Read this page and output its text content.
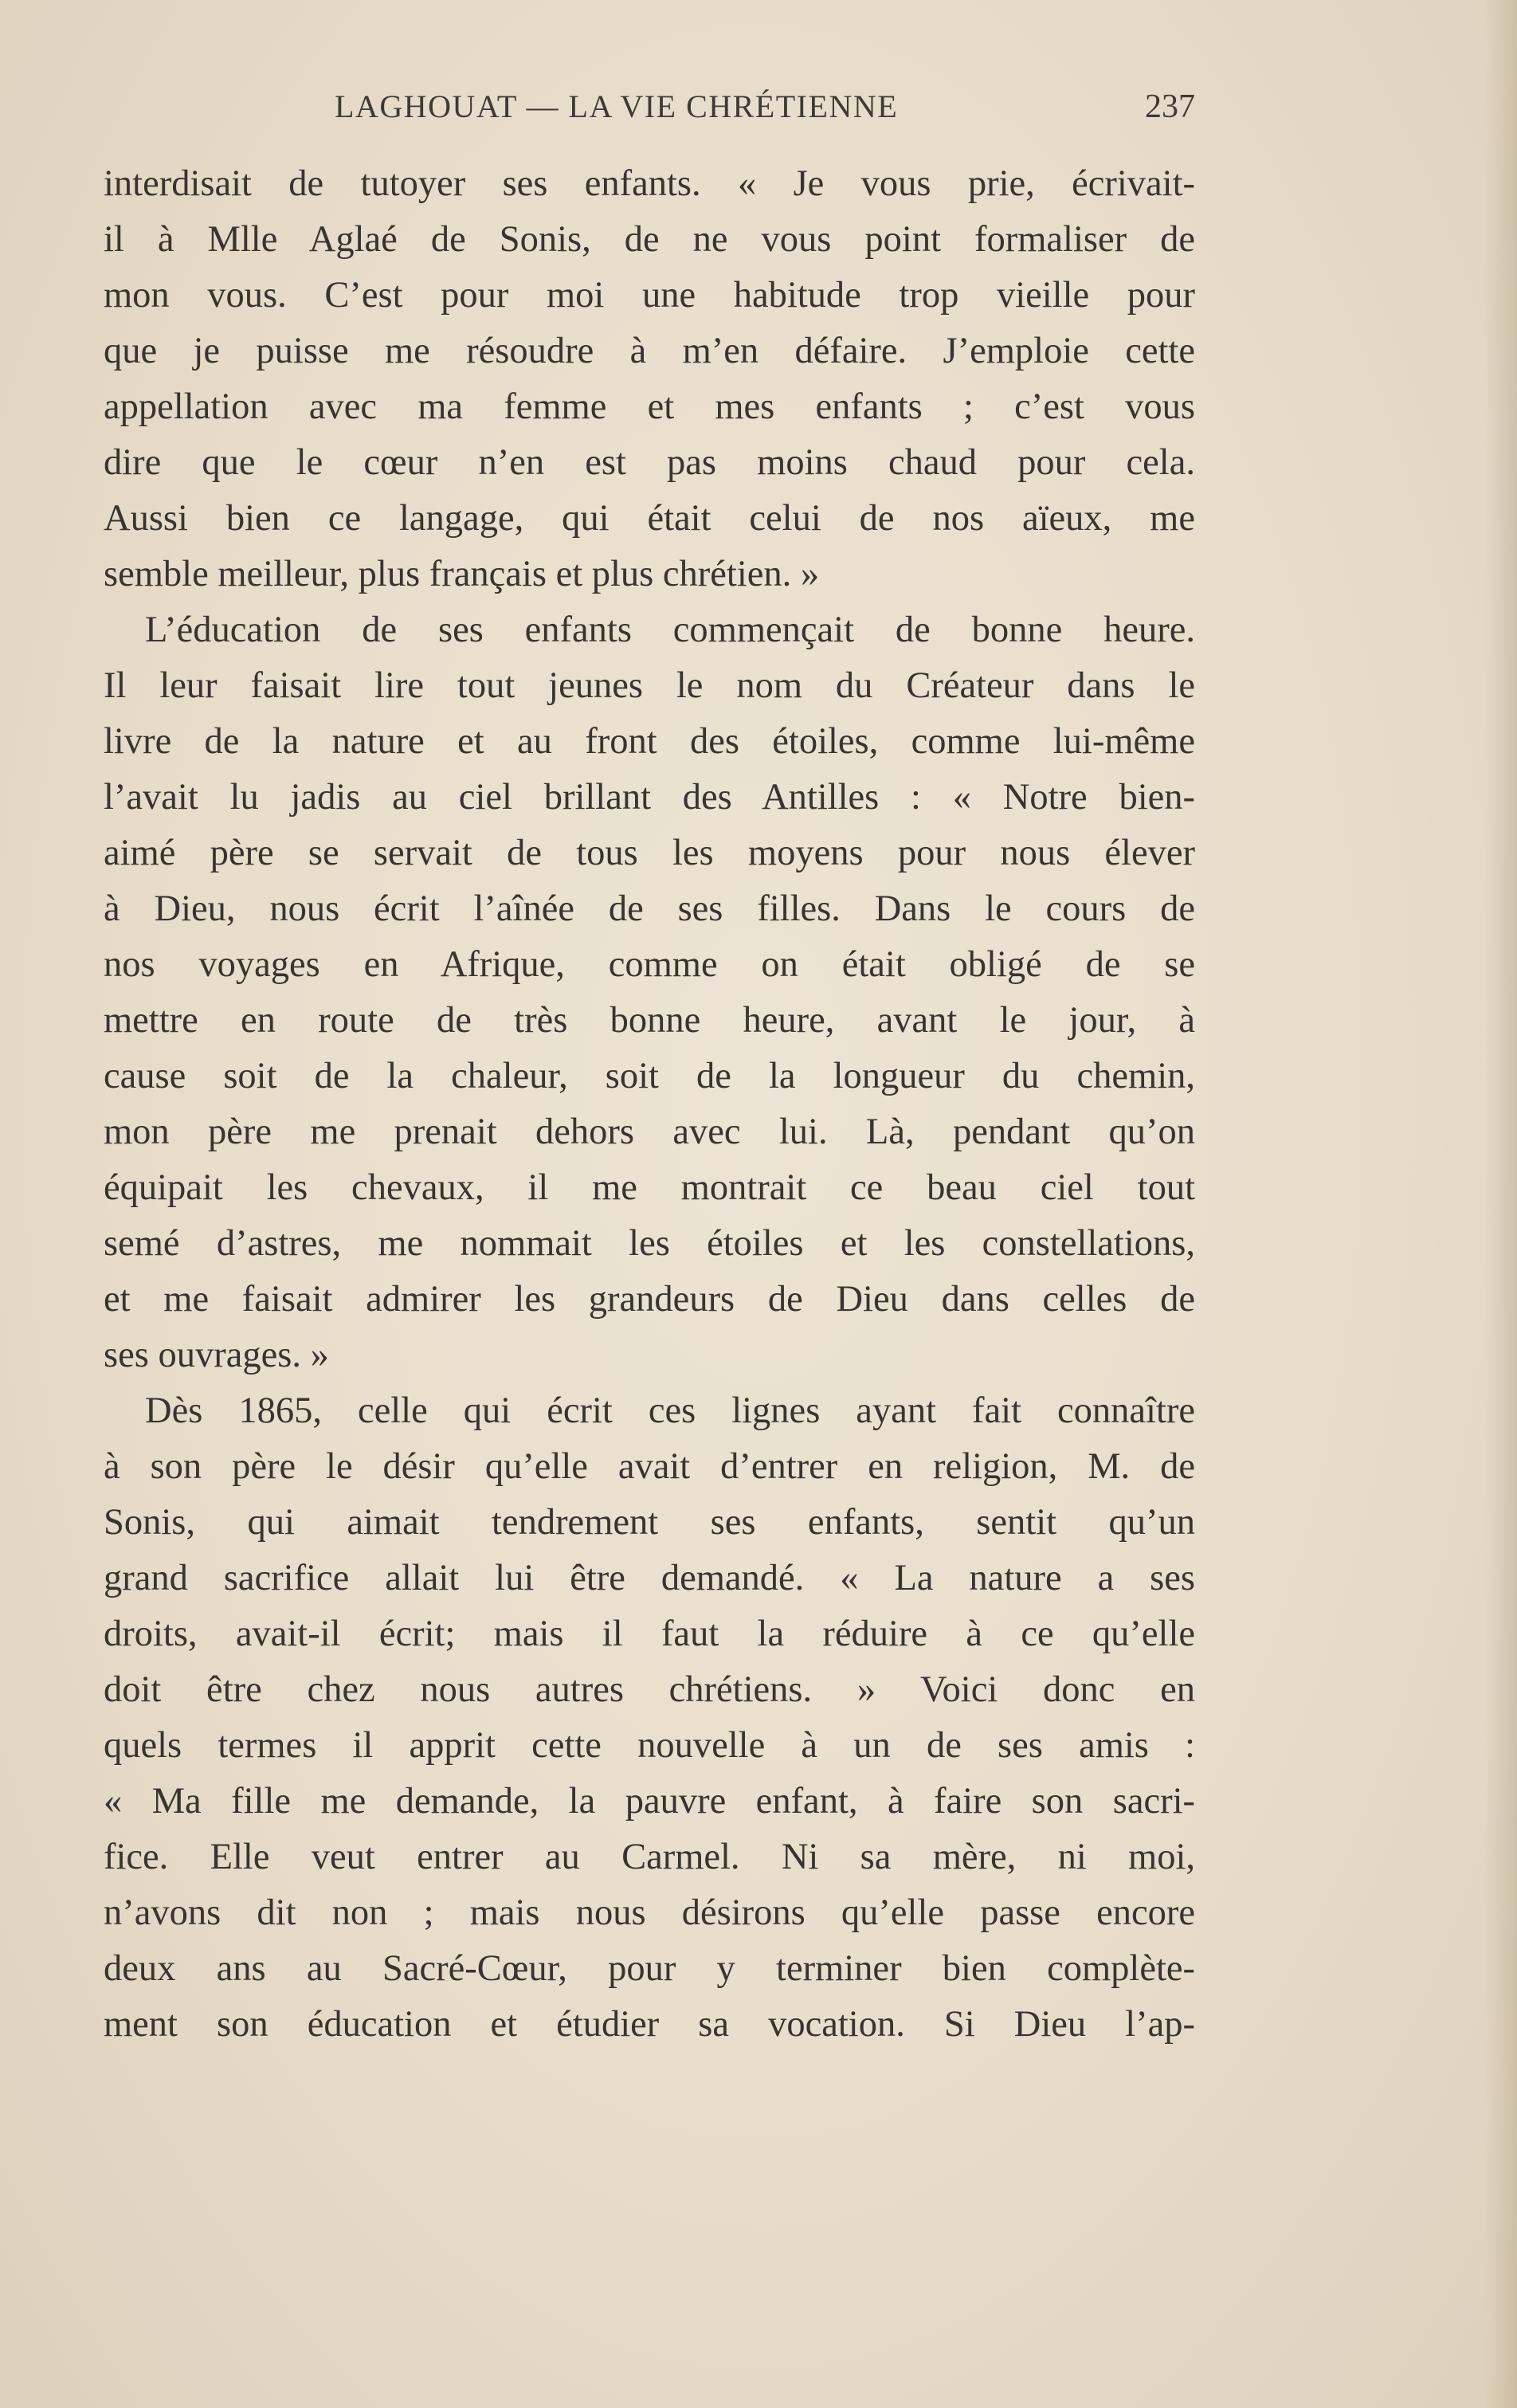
LAGHOUAT — LA VIE CHRÉTIENNE	237
interdisait de tutoyer ses enfants. « Je vous prie, écrivait-
il à Mlle Aglaé de Sonis, de ne vous point formaliser de
mon vous. C’est pour moi une habitude trop vieille pour
que je puisse me résoudre à m’en défaire. J’emploie cette
appellation avec ma femme et mes enfants ; c’est vous
dire que le cœur n’en est pas moins chaud pour cela.
Aussi bien ce langage, qui était celui de nos aïeux, me
semble meilleur, plus français et plus chrétien. »
L’éducation de ses enfants commençait de bonne heure.
Il leur faisait lire tout jeunes le nom du Créateur dans le
livre de la nature et au front des étoiles, comme lui-même
l’avait lu jadis au ciel brillant des Antilles : « Notre bien-
aimé père se servait de tous les moyens pour nous élever
à Dieu, nous écrit l’aînée de ses filles. Dans le cours de
nos voyages en Afrique, comme on était obligé de se
mettre en route de très bonne heure, avant le jour, à
cause soit de la chaleur, soit de la longueur du chemin,
mon père me prenait dehors avec lui. Là, pendant qu’on
équipait les chevaux, il me montrait ce beau ciel tout
semé d’astres, me nommait les étoiles et les constellations,
et me faisait admirer les grandeurs de Dieu dans celles de
ses ouvrages. »
Dès 1865, celle qui écrit ces lignes ayant fait connaître
à son père le désir qu’elle avait d’entrer en religion, M. de
Sonis, qui aimait tendrement ses enfants, sentit qu’un
grand sacrifice allait lui être demandé. « La nature a ses
droits, avait-il écrit; mais il faut la réduire à ce qu’elle
doit être chez nous autres chrétiens. » Voici donc en
quels termes il apprit cette nouvelle à un de ses amis :
« Ma fille me demande, la pauvre enfant, à faire son sacri-
fice. Elle veut entrer au Carmel. Ni sa mère, ni moi,
n’avons dit non ; mais nous désirons qu’elle passe encore
deux ans au Sacré-Cœur, pour y terminer bien complète-
ment son éducation et étudier sa vocation. Si Dieu l’ap-
